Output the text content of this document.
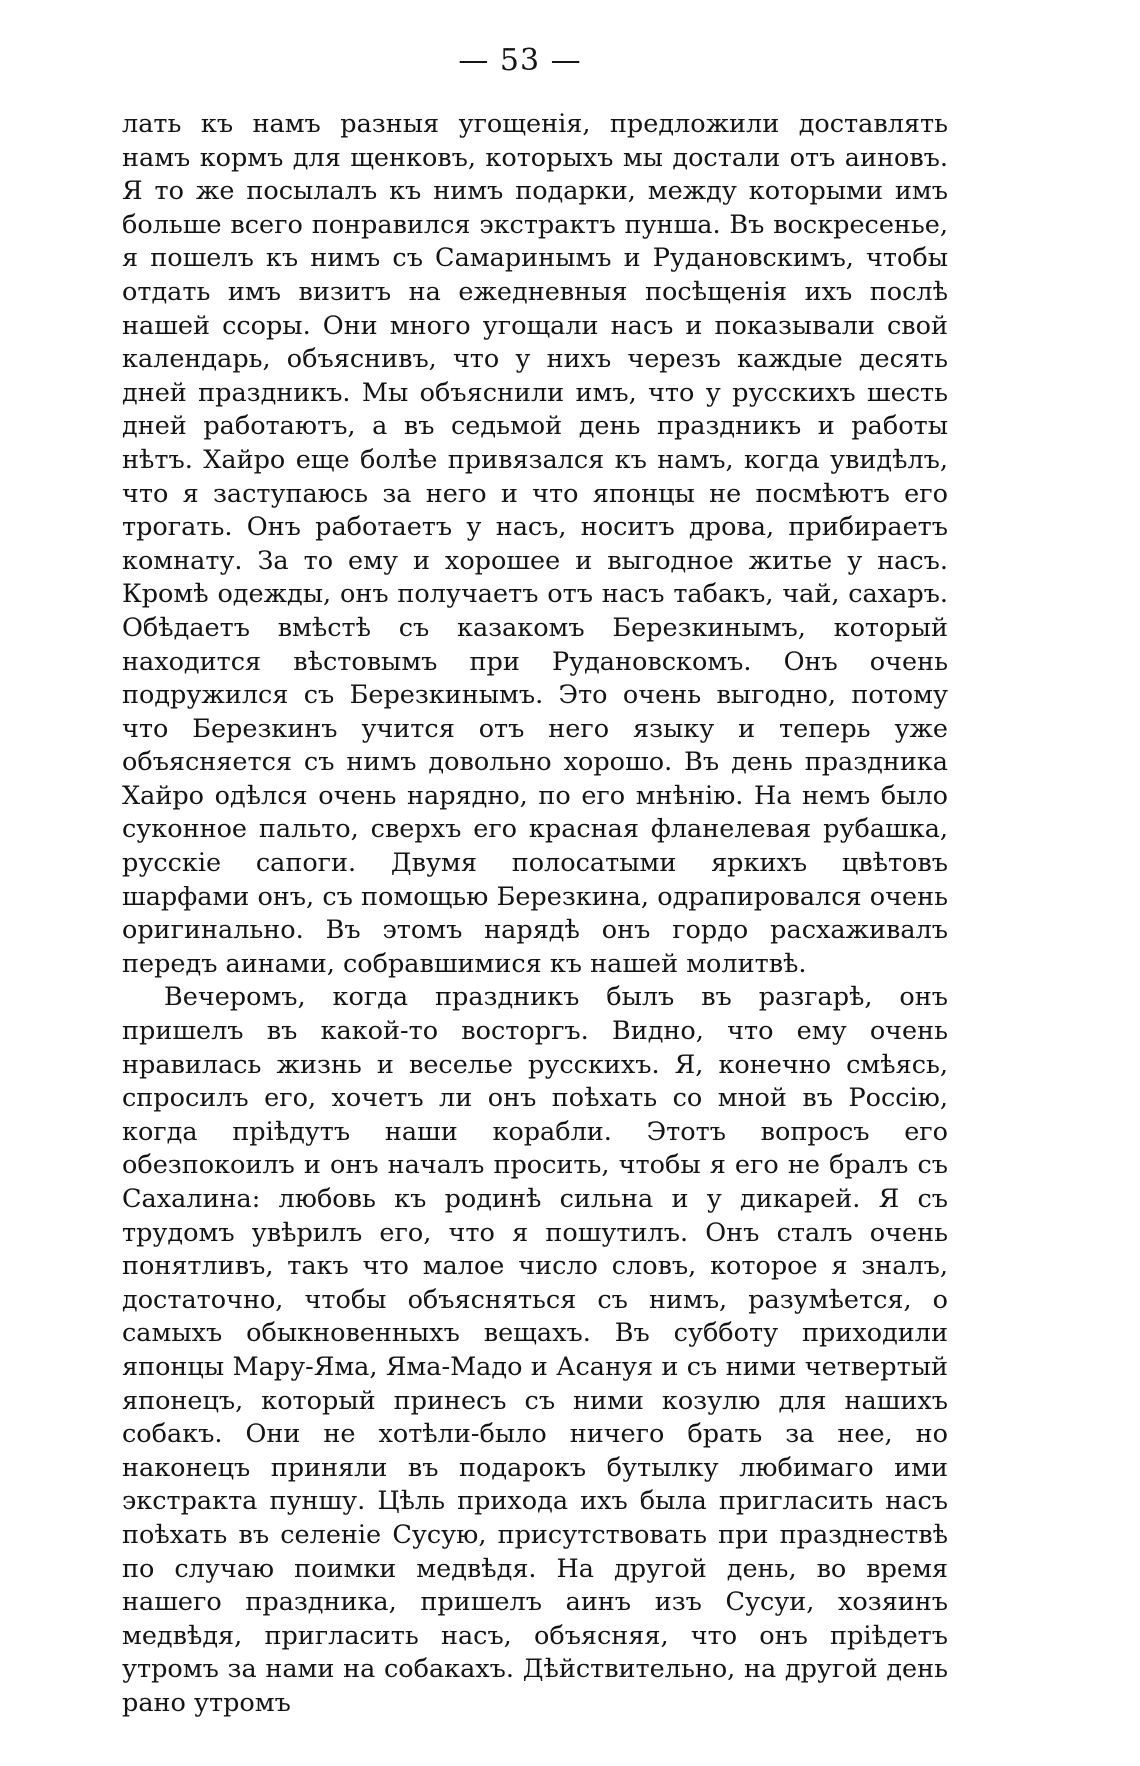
— 53 —

лать къ намъ разныя угощенія, предложили доставлять намъ кормъ для щенковъ, которыхъ мы достали отъ аиновъ. Я то же посылалъ къ нимъ подарки, между которыми имъ больше всего понравился экстрактъ пунша. Въ воскресенье, я пошелъ къ нимъ съ Самаринымъ и Рудановскимъ, чтобы отдать имъ визитъ на ежедневныя посѣщенія ихъ послѣ нашей ссоры. Они много угощали насъ и показывали свой календарь, объяснивъ, что у нихъ черезъ каждые десять дней праздникъ. Мы объяснили имъ, что у русскихъ шесть дней работаютъ, а въ седьмой день праздникъ и работы нѣтъ. Хайро еще болѣе привязался къ намъ, когда увидѣлъ, что я заступаюсь за него и что японцы не посмѣютъ его трогать. Онъ работаетъ у насъ, носитъ дрова, прибираетъ комнату. За то ему и хорошее и выгодное житье у насъ. Кромѣ одежды, онъ получаетъ отъ насъ табакъ, чай, сахаръ. Обѣдаетъ вмѣстѣ съ казакомъ Березкинымъ, который находится вѣстовымъ при Рудановскомъ. Онъ очень подружился съ Березкинымъ. Это очень выгодно, потому что Березкинъ учится отъ него языку и теперь уже объясняется съ нимъ довольно хорошо. Въ день праздника Хайро одѣлся очень нарядно, по его мнѣнію. На немъ было суконное пальто, сверхъ его красная фланелевая рубашка, русскіе сапоги. Двумя полосатыми яркихъ цвѣтовъ шарфами онъ, съ помощью Березкина, одрапировался очень оригинально. Въ этомъ нарядѣ онъ гордо расхаживалъ передъ аинами, собравшимися къ нашей молитвѣ.

Вечеромъ, когда праздникъ былъ въ разгарѣ, онъ пришелъ въ какой-то восторгъ. Видно, что ему очень нравилась жизнь и веселье русскихъ. Я, конечно смѣясь, спросилъ его, хочетъ ли онъ поѣхать со мной въ Россію, когда пріѣдутъ наши корабли. Этотъ вопросъ его обезпокоилъ и онъ началъ просить, чтобы я его не бралъ съ Сахалина: любовь къ родинѣ сильна и у дикарей. Я съ трудомъ увѣрилъ его, что я пошутилъ. Онъ сталъ очень понятливъ, такъ что малое число словъ, которое я зналъ, достаточно, чтобы объясняться съ нимъ, разумѣется, о самыхъ обыкновенныхъ вещахъ. Въ субботу приходили японцы Мару-Яма, Яма-Мадо и Асануя и съ ними четвертый японецъ, который принесъ съ ними козулю для нашихъ собакъ. Они не хотѣли-было ничего брать за нее, но наконецъ приняли въ подарокъ бутылку любимаго ими экстракта пуншу. Цѣль прихода ихъ была пригласить насъ поѣхать въ селеніе Сусую, присутствовать при празднествѣ по случаю поимки медвѣдя. На другой день, во время нашего праздника, пришелъ аинъ изъ Сусуи, хозяинъ медвѣдя, пригласить насъ, объясняя, что онъ пріѣдетъ утромъ за нами на собакахъ. Дѣйствительно, на другой день рано утромъ
